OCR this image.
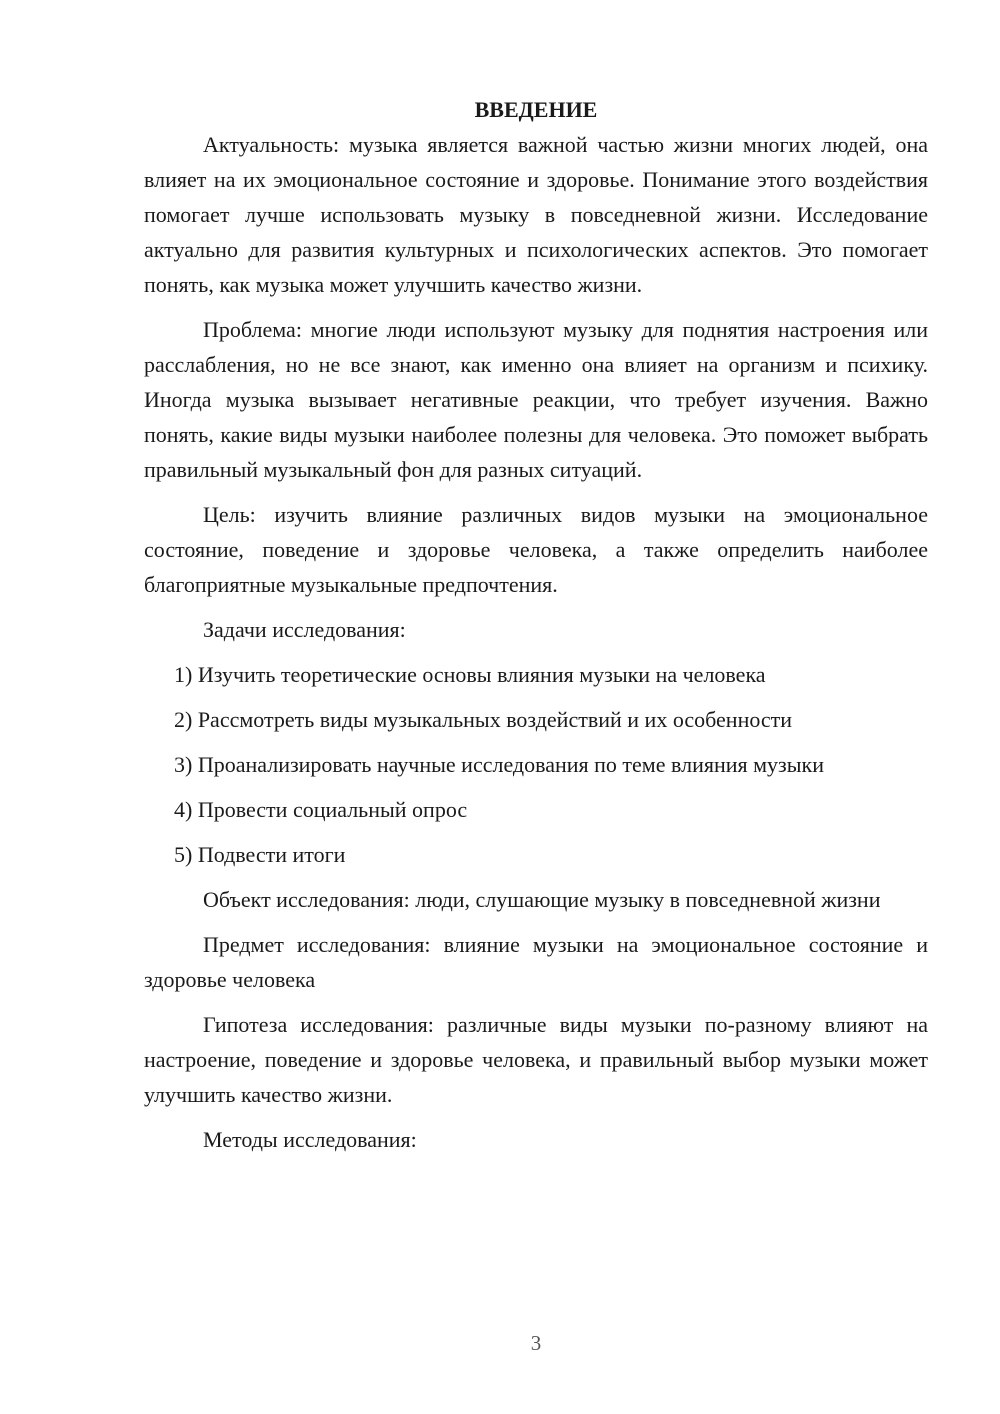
ВВЕДЕНИЕ

Актуальность: музыка является важной частью жизни многих людей, она влияет на их эмоциональное состояние и здоровье. Понимание этого воздействия помогает лучше использовать музыку в повседневной жизни. Исследование актуально для развития культурных и психологических аспектов. Это помогает понять, как музыка может улучшить качество жизни.

Проблема: многие люди используют музыку для поднятия настроения или расслабления, но не все знают, как именно она влияет на организм и психику. Иногда музыка вызывает негативные реакции, что требует изучения. Важно понять, какие виды музыки наиболее полезны для человека. Это поможет выбрать правильный музыкальный фон для разных ситуаций.

Цель: изучить влияние различных видов музыки на эмоциональное состояние, поведение и здоровье человека, а также определить наиболее благоприятные музыкальные предпочтения.

Задачи исследования:

1) Изучить теоретические основы влияния музыки на человека
2) Рассмотреть виды музыкальных воздействий и их особенности
3) Проанализировать научные исследования по теме влияния музыки
4) Провести социальный опрос
5) Подвести итоги

Объект исследования: люди, слушающие музыку в повседневной жизни

Предмет исследования: влияние музыки на эмоциональное состояние и здоровье человека

Гипотеза исследования: различные виды музыки по-разному влияют на настроение, поведение и здоровье человека, и правильный выбор музыки может улучшить качество жизни.

Методы исследования:

3
